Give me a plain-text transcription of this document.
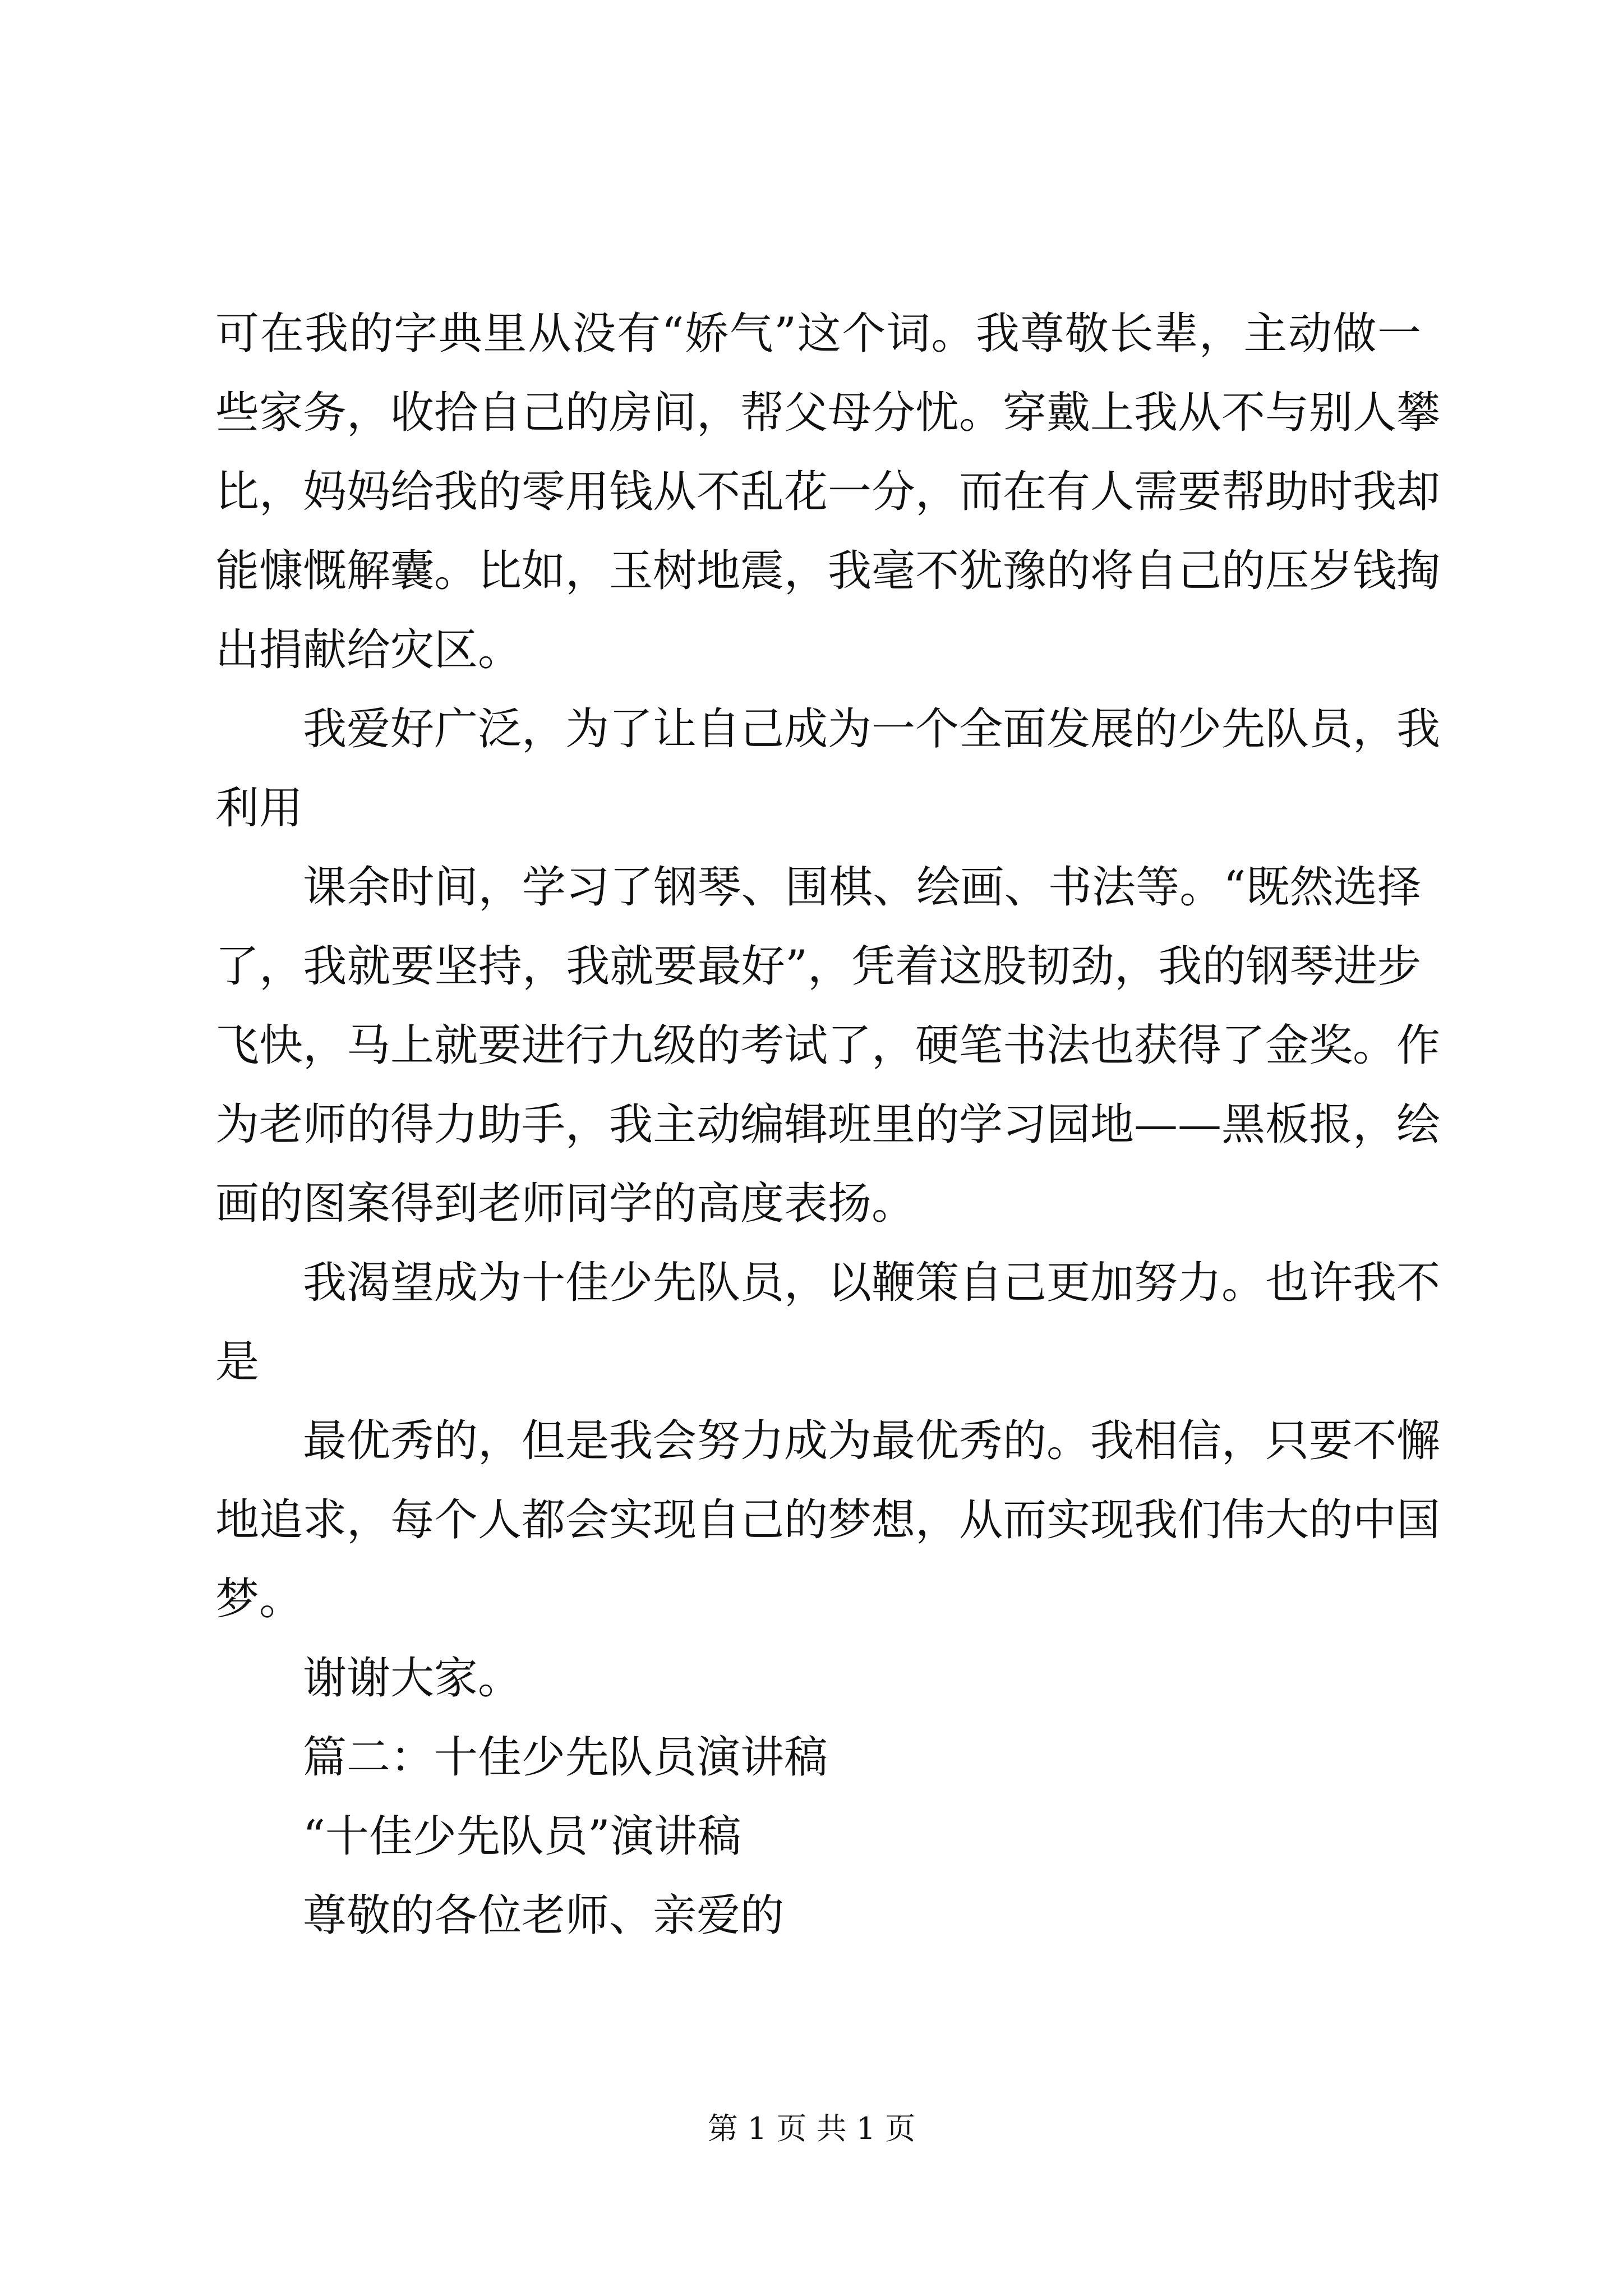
可在我的字典里从没有“娇气”这个词。我尊敬长辈，主动做一
些家务，收拾自己的房间，帮父母分忧。穿戴上我从不与别人攀
比，妈妈给我的零用钱从不乱花一分，而在有人需要帮助时我却
能慷慨解囊。比如，玉树地震，我毫不犹豫的将自己的压岁钱掏
出捐献给灾区。
我爱好广泛，为了让自己成为一个全面发展的少先队员，我
利用
课余时间，学习了钢琴、围棋、绘画、书法等。“既然选择
了，我就要坚持，我就要最好”，凭着这股韧劲，我的钢琴进步
飞快，马上就要进行九级的考试了，硬笔书法也获得了金奖。作
为老师的得力助手，我主动编辑班里的学习园地——黑板报，绘
画的图案得到老师同学的高度表扬。
我渴望成为十佳少先队员，以鞭策自己更加努力。也许我不
是
最优秀的，但是我会努力成为最优秀的。我相信，只要不懈
地追求，每个人都会实现自己的梦想，从而实现我们伟大的中国
梦。
谢谢大家。
篇二：十佳少先队员演讲稿
“十佳少先队员”演讲稿
尊敬的各位老师、亲爱的
第 1 页 共 1 页
